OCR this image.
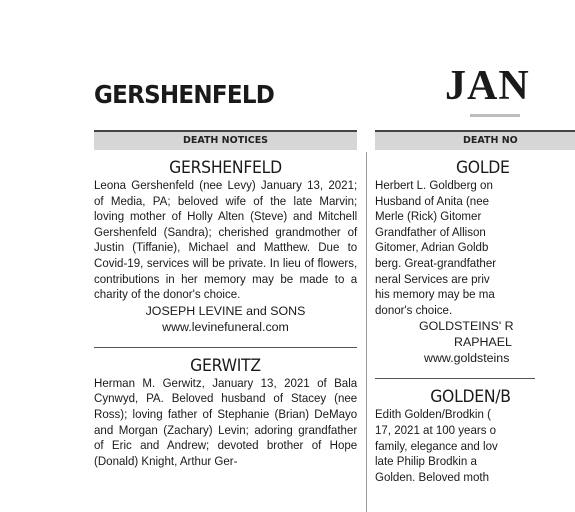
GERSHENFELD	JAN
DEATH NOTICES
GERSHENFELD

Leona Gershenfeld (nee Levy) January 13, 2021; of Media, PA; beloved wife of the late Marvin; loving mother of Holly Alten (Steve) and Mitchell Gershenfeld (Sandra); cherished grandmother of Justin (Tiffanie), Michael and Matthew. Due to Covid-19, services will be private. In lieu of flowers, contributions in her memory may be made to a charity of the donor's choice.

JOSEPH LEVINE and SONS
www.levinefuneral.com
GERWITZ

Herman M. Gerwitz, January 13, 2021 of Bala Cynwyd, PA. Beloved husband of Stacey (nee Ross); loving father of Stephanie (Brian) DeMayo and Morgan (Zachary) Levin; adoring grandfather of Eric and Andrew; devoted brother of Hope (Donald) Knight, Arthur Ger-

DEATH NO
GOLDE
Herbert L. Goldberg on
Husband of Anita (nee
Merle (Rick) Gitomer
Grandfather of Allison
Gitomer, Adrian Goldb
berg. Great-grandfather
neral Services are priv
his memory may be ma
donor's choice.
GOLDSTEINS' R
RAPHAEL
www.goldsteins
GOLDEN/B
Edith Golden/Brodkin (
17, 2021 at 100 years o
family, elegance and lov
late Philip Brodkin a
Golden. Beloved moth
